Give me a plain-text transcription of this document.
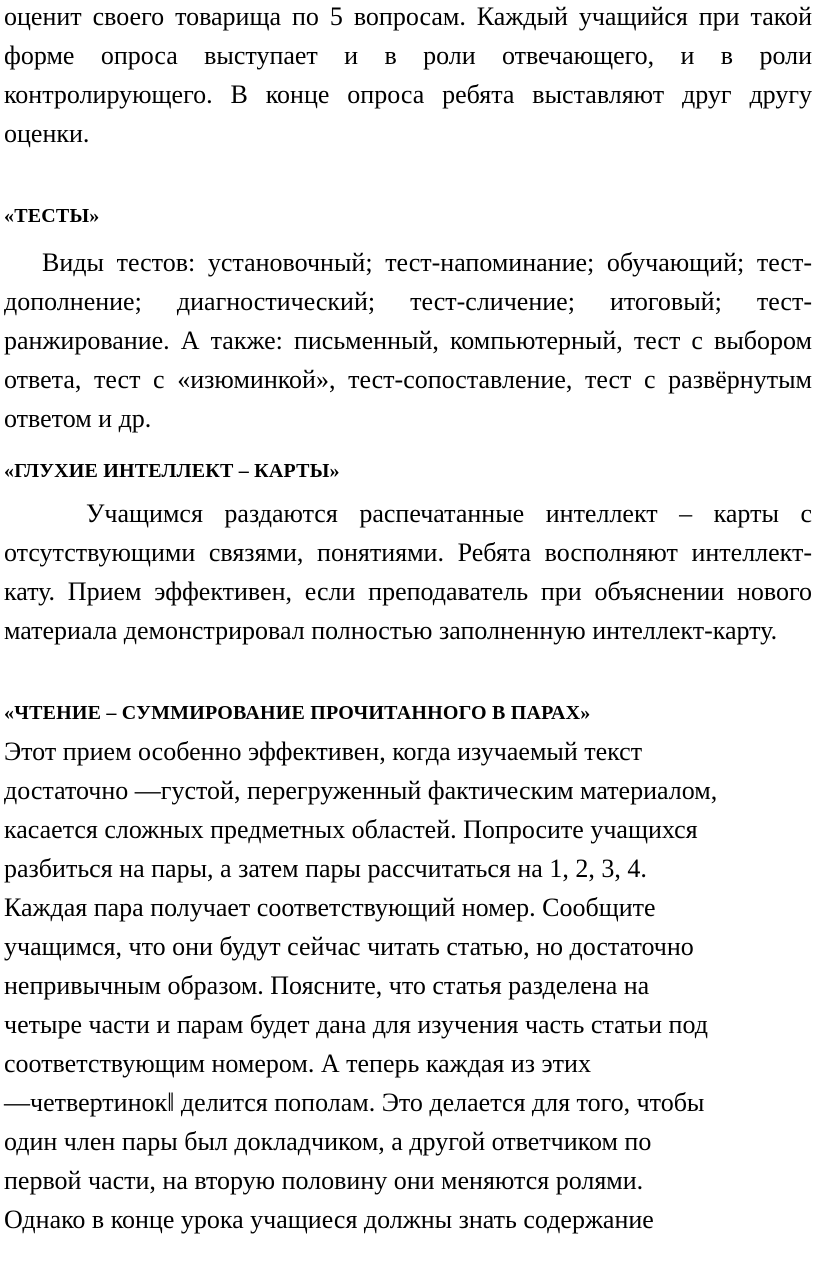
оценит своего товарища по 5 вопросам. Каждый учащийся при такой форме опроса выступает и в роли отвечающего, и в роли контролирующего. В конце опроса ребята выставляют друг другу оценки.

«ТЕСТЫ»

Виды тестов: установочный; тест-напоминание; обучающий; тест-дополнение; диагностический; тест-сличение; итоговый; тест-ранжирование. А также: письменный, компьютерный, тест с выбором ответа, тест с «изюминкой», тест-сопоставление, тест с развёрнутым ответом и др.

«ГЛУХИЕ ИНТЕЛЛЕКТ – КАРТЫ»

Учащимся раздаются распечатанные интеллект – карты с отсутствующими связями, понятиями. Ребята восполняют интеллект-кату. Прием эффективен, если преподаватель при объяснении нового материала демонстрировал полностью заполненную интеллект-карту.

«ЧТЕНИЕ – СУММИРОВАНИЕ ПРОЧИТАННОГО В ПАРАХ»

Этот прием особенно эффективен, когда изучаемый текст
достаточно ―густой, перегруженный фактическим материалом,
касается сложных предметных областей. Попросите учащихся
разбиться на пары, а затем пары рассчитаться на 1, 2, 3, 4.
Каждая пара получает соответствующий номер. Сообщите
учащимся, что они будут сейчас читать статью, но достаточно
непривычным образом. Поясните, что статья разделена на
четыре части и парам будет дана для изучения часть статьи под
соответствующим номером. А теперь каждая из этих
―четвертинок‖ делится пополам. Это делается для того, чтобы
один член пары был докладчиком, а другой ответчиком по
первой части, на вторую половину они меняются ролями.
Однако в конце урока учащиеся должны знать содержание
